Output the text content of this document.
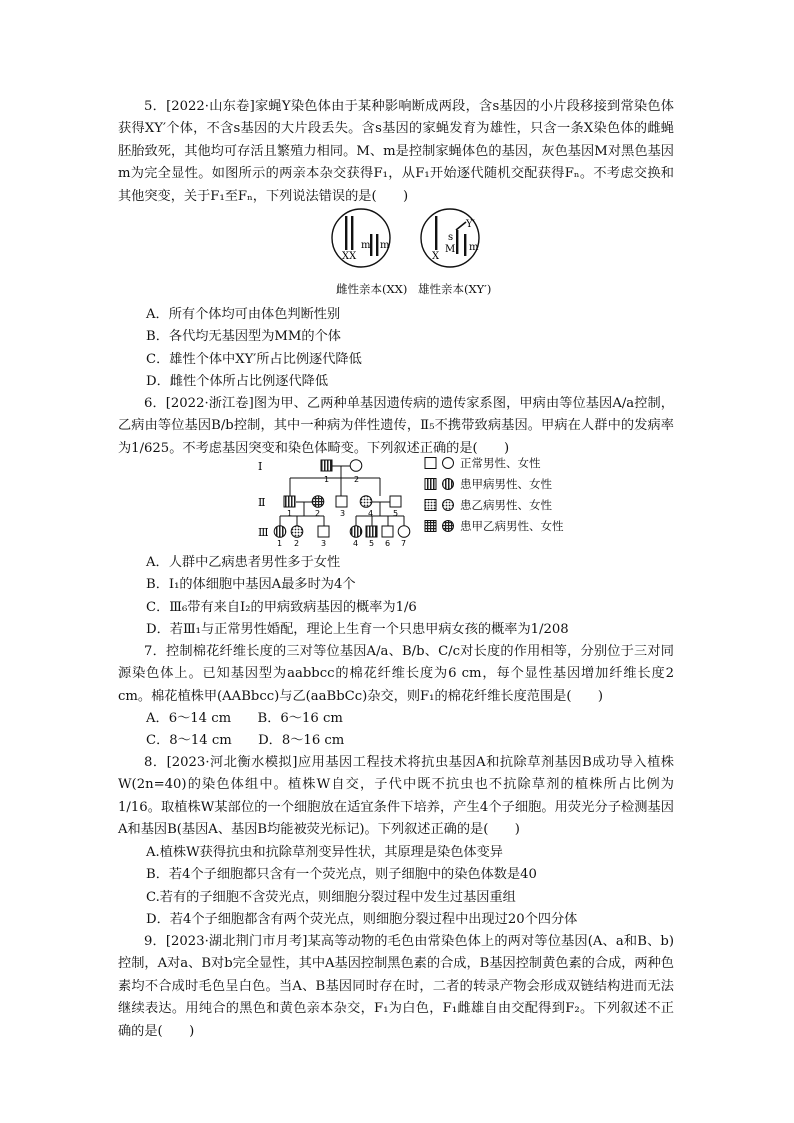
5．[2022·山东卷]家蝇Y染色体由于某种影响断成两段，含s基因的小片段移接到常染色体获得XY′个体，不含s基因的大片段丢失。含s基因的家蝇发育为雄性，只含一条X染色体的雌蝇胚胎致死，其他均可存活且繁殖力相同。M、m是控制家蝇体色的基因，灰色基因M对黑色基因m为完全显性。如图所示的两亲本杂交获得F₁，从F₁开始逐代随机交配获得Fₙ。不考虑交换和其他突变，关于F₁至Fₙ，下列说法错误的是(　　)

XX
m m
X
s
Y′
M m
雌性亲本(XX) 雄性亲本(XY′)
A．所有个体均可由体色判断性别
B．各代均无基因型为MM的个体
C．雄性个体中XY′所占比例逐代降低
D．雌性个体所占比例逐代降低

6．[2022·浙江卷]图为甲、乙两种单基因遗传病的遗传家系图，甲病由等位基因A/a控制，乙病由等位基因B/b控制，其中一种病为伴性遗传，Ⅱ₅不携带致病基因。甲病在人群中的发病率为1/625。不考虑基因突变和染色体畸变。下列叙述正确的是(　　)

Ⅰ
Ⅱ
Ⅲ
1	2
1	2 3	4 5
1 2	3	4 5 6 7
正常男性、女性
患甲病男性、女性
患乙病男性、女性
患甲乙病男性、女性
A．人群中乙病患者男性多于女性
B．Ⅰ₁的体细胞中基因A最多时为4个
C．Ⅲ₆带有来自Ⅰ₂的甲病致病基因的概率为1/6
D．若Ⅲ₁与正常男性婚配，理论上生育一个只患甲病女孩的概率为1/208

7．控制棉花纤维长度的三对等位基因A/a、B/b、C/c对长度的作用相等，分别位于三对同源染色体上。已知基因型为aabbcc的棉花纤维长度为6 cm，每个显性基因增加纤维长度2 cm。棉花植株甲(AABbcc)与乙(aaBbCc)杂交，则F₁的棉花纤维长度范围是(　　)

A．6～14 cm　　B．6～16 cm
C．8～14 cm　　D．8～16 cm

8．[2023·河北衡水模拟]应用基因工程技术将抗虫基因A和抗除草剂基因B成功导入植株W(2n=40)的染色体组中。植株W自交，子代中既不抗虫也不抗除草剂的植株所占比例为1/16。取植株W某部位的一个细胞放在适宜条件下培养，产生4个子细胞。用荧光分子检测基因A和基因B(基因A、基因B均能被荧光标记)。下列叙述正确的是(　　)

A.植株W获得抗虫和抗除草剂变异性状，其原理是染色体变异
B．若4个子细胞都只含有一个荧光点，则子细胞中的染色体数是40
C.若有的子细胞不含荧光点，则细胞分裂过程中发生过基因重组
D．若4个子细胞都含有两个荧光点，则细胞分裂过程中出现过20个四分体

9．[2023·湖北荆门市月考]某高等动物的毛色由常染色体上的两对等位基因(A、a和B、b)控制，A对a、B对b完全显性，其中A基因控制黑色素的合成，B基因控制黄色素的合成，两种色素均不合成时毛色呈白色。当A、B基因同时存在时，二者的转录产物会形成双链结构进而无法继续表达。用纯合的黑色和黄色亲本杂交，F₁为白色，F₁雌雄自由交配得到F₂。下列叙述不正确的是(　　)
